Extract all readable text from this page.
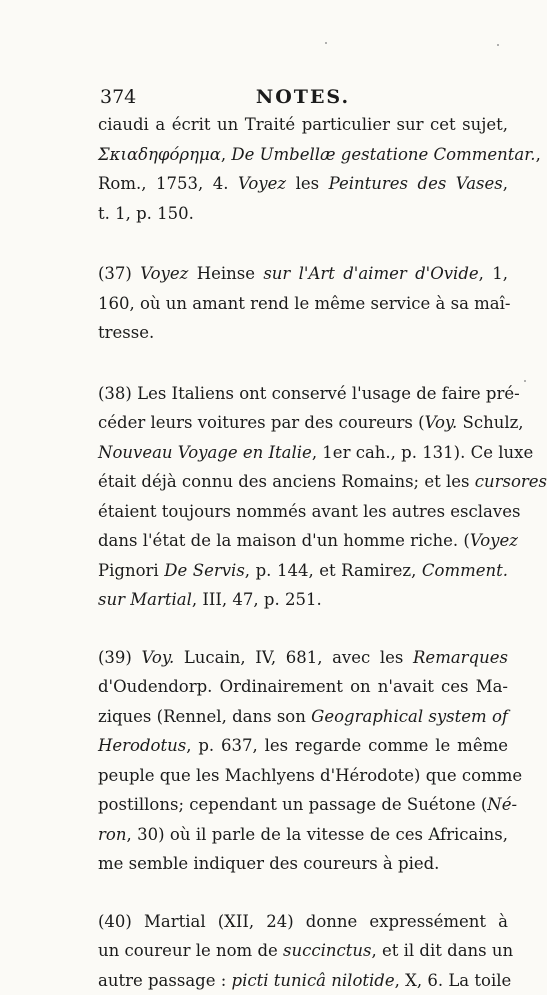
374	NOTES.

ciaudi a écrit un Traité particulier sur cet sujet,
Σκιαδηφόρημα, De Umbellæ gestatione Commentar.,
Rom., 1753, 4. Voyez les Peintures des Vases,
t. 1, p. 150.

(37) Voyez Heinse sur l'Art d'aimer d'Ovide, 1,
160, où un amant rend le même service à sa maî-
tresse.

(38) Les Italiens ont conservé l'usage de faire pré-
céder leurs voitures par des coureurs (Voy. Schulz,
Nouveau Voyage en Italie, 1er cah., p. 131). Ce luxe
était déjà connu des anciens Romains; et les cursores
étaient toujours nommés avant les autres esclaves
dans l'état de la maison d'un homme riche. (Voyez
Pignori De Servis, p. 144, et Ramirez, Comment.
sur Martial, III, 47, p. 251.

(39) Voy. Lucain, IV, 681, avec les Remarques
d'Oudendorp. Ordinairement on n'avait ces Ma-
ziques (Rennel, dans son Geographical system of
Herodotus, p. 637, les regarde comme le même
peuple que les Machlyens d'Hérodote) que comme
postillons; cependant un passage de Suétone (Né-
ron, 30) où il parle de la vitesse de ces Africains,
me semble indiquer des coureurs à pied.

(40) Martial (XII, 24) donne expressément à
un coureur le nom de succinctus, et il dit dans un
autre passage : picti tunicâ nilotide, X, 6. La toile
